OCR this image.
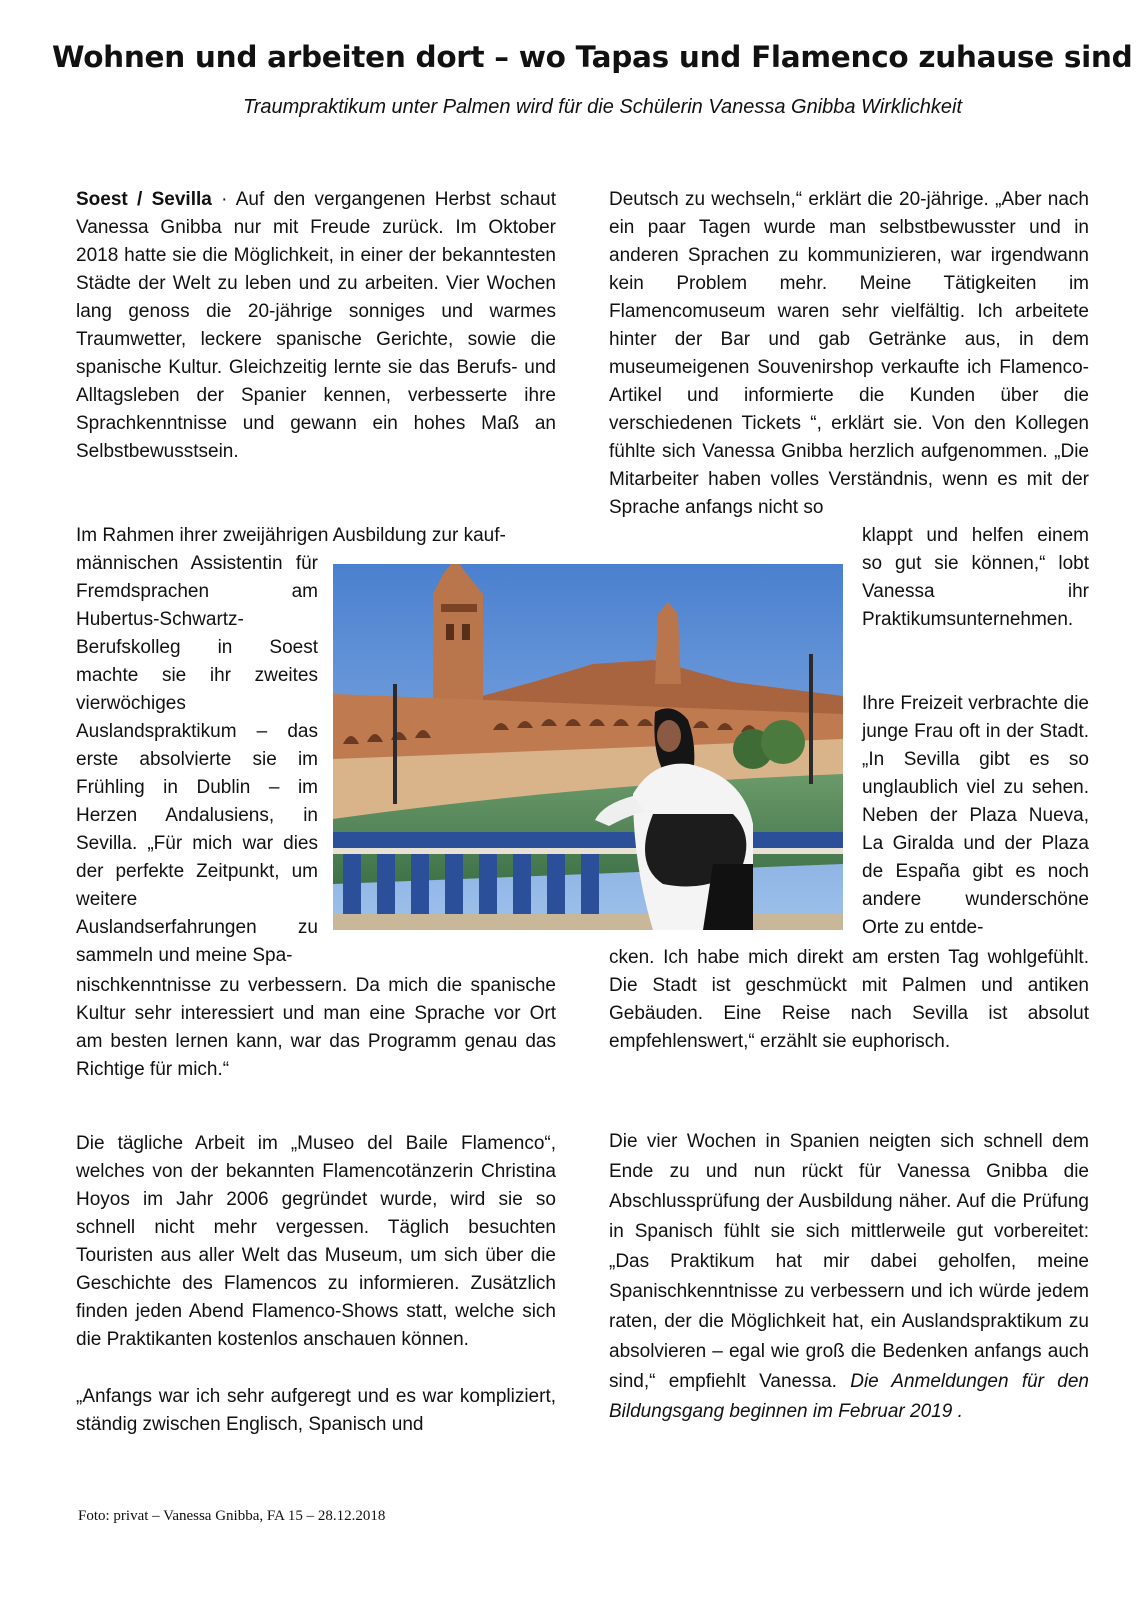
Wohnen und arbeiten dort – wo Tapas und Flamenco zuhause sind

Traumpraktikum unter Palmen wird für die Schülerin Vanessa Gnibba Wirklichkeit

Soest / Sevilla · Auf den vergangenen Herbst schaut Vanessa Gnibba nur mit Freude zurück. Im Oktober 2018 hatte sie die Möglichkeit, in einer der bekanntesten Städte der Welt zu leben und zu arbeiten. Vier Wochen lang genoss die 20-jährige sonniges und warmes Traumwetter, leckere spanische Gerichte, sowie die spanische Kultur. Gleichzeitig lernte sie das Berufs- und Alltagsleben der Spanier kennen, verbesserte ihre Sprachkenntnisse und gewann ein hohes Maß an Selbstbewusstsein.

Im Rahmen ihrer zweijährigen Ausbildung zur kauf-

männischen Assistentin für Fremdsprachen am Hubertus-Schwartz-Berufskolleg in Soest machte sie ihr zweites vierwöchiges Auslandspraktikum – das erste absolvierte sie im Frühling in Dublin – im Herzen Andalusiens, in Sevilla. „Für mich war dies der perfekte Zeitpunkt, um weitere Auslandserfahrungen zu sammeln und meine Spa-

nischkenntnisse zu verbessern. Da mich die spanische Kultur sehr interessiert und man eine Sprache vor Ort am besten lernen kann, war das Programm genau das Richtige für mich.“

Die tägliche Arbeit im „Museo del Baile Flamenco“, welches von der bekannten Flamencotänzerin Christina Hoyos im Jahr 2006 gegründet wurde, wird sie so schnell nicht mehr vergessen. Täglich besuchten Touristen aus aller Welt das Museum, um sich über die Geschichte des Flamencos zu informieren. Zusätzlich finden jeden Abend Flamenco-Shows statt, welche sich die Praktikanten kostenlos anschauen können.

„Anfangs war ich sehr aufgeregt und es war kompliziert, ständig zwischen Englisch, Spanisch und

Deutsch zu wechseln,“ erklärt die 20-jährige. „Aber nach ein paar Tagen wurde man selbstbewusster und in anderen Sprachen zu kommunizieren, war irgendwann kein Problem mehr. Meine Tätigkeiten im Flamencomuseum waren sehr vielfältig. Ich arbeitete hinter der Bar und gab Getränke aus, in dem museumeigenen Souvenirshop verkaufte ich Flamenco-Artikel und informierte die Kunden über die verschiedenen Tickets “, erklärt sie. Von den Kollegen fühlte sich Vanessa Gnibba herzlich aufgenommen. „Die Mitarbeiter haben volles Verständnis, wenn es mit der Sprache anfangs nicht so

klappt und helfen einem so gut sie können,“ lobt Vanessa ihr Praktikumsunternehmen.
Ihre Freizeit verbrachte die junge Frau oft in der Stadt. „In Sevilla gibt es so unglaublich viel zu sehen. Neben der Plaza Nueva, La Giralda und der Plaza de España gibt es noch andere wunderschöne Orte zu entde-

cken. Ich habe mich direkt am ersten Tag wohlgefühlt. Die Stadt ist geschmückt mit Palmen und antiken Gebäuden. Eine Reise nach Sevilla ist absolut empfehlenswert,“ erzählt sie euphorisch.

Die vier Wochen in Spanien neigten sich schnell dem Ende zu und nun rückt für Vanessa Gnibba die Abschlussprüfung der Ausbildung näher. Auf die Prüfung in Spanisch fühlt sie sich mittlerweile gut vorbereitet: „Das Praktikum hat mir dabei geholfen, meine Spanischkenntnisse zu verbessern und ich würde jedem raten, der die Möglichkeit hat, ein Auslandspraktikum zu absolvieren – egal wie groß die Bedenken anfangs auch sind,“ empfiehlt Vanessa. Die Anmeldungen für den Bildungsgang beginnen im Februar 2019 .

Foto: privat – Vanessa Gnibba, FA 15 – 28.12.2018
